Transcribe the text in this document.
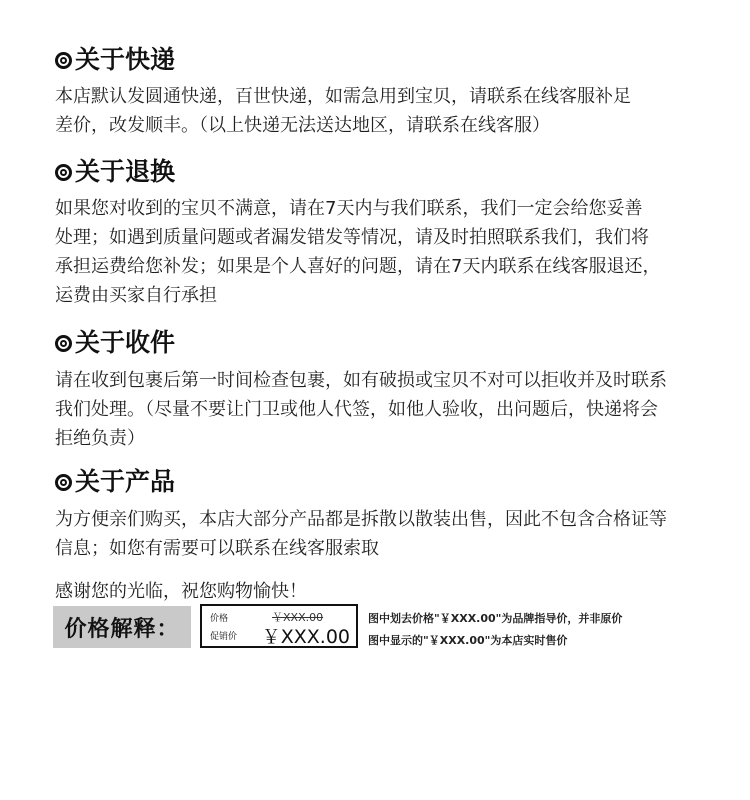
关于快递
本店默认发圆通快递，百世快递，如需急用到宝贝，请联系在线客服补足
差价，改发顺丰。（以上快递无法送达地区，请联系在线客服）
关于退换
如果您对收到的宝贝不满意，请在7天内与我们联系，我们一定会给您妥善
处理；如遇到质量问题或者漏发错发等情况，请及时拍照联系我们，我们将
承担运费给您补发；如果是个人喜好的问题，请在7天内联系在线客服退还，
运费由买家自行承担
关于收件
请在收到包裹后第一时间检查包裹，如有破损或宝贝不对可以拒收并及时联系
我们处理。（尽量不要让门卫或他人代签，如他人验收，出问题后，快递将会
拒绝负责）
关于产品
为方便亲们购买，本店大部分产品都是拆散以散装出售，因此不包含合格证等
信息；如您有需要可以联系在线客服索取
感谢您的光临，祝您购物愉快！
价格解释：	价格	￥XXX.00
促销价	￥XXX.00
图中划去价格"￥XXX.00"为品牌指导价，并非原价
图中显示的"￥XXX.00"为本店实时售价
